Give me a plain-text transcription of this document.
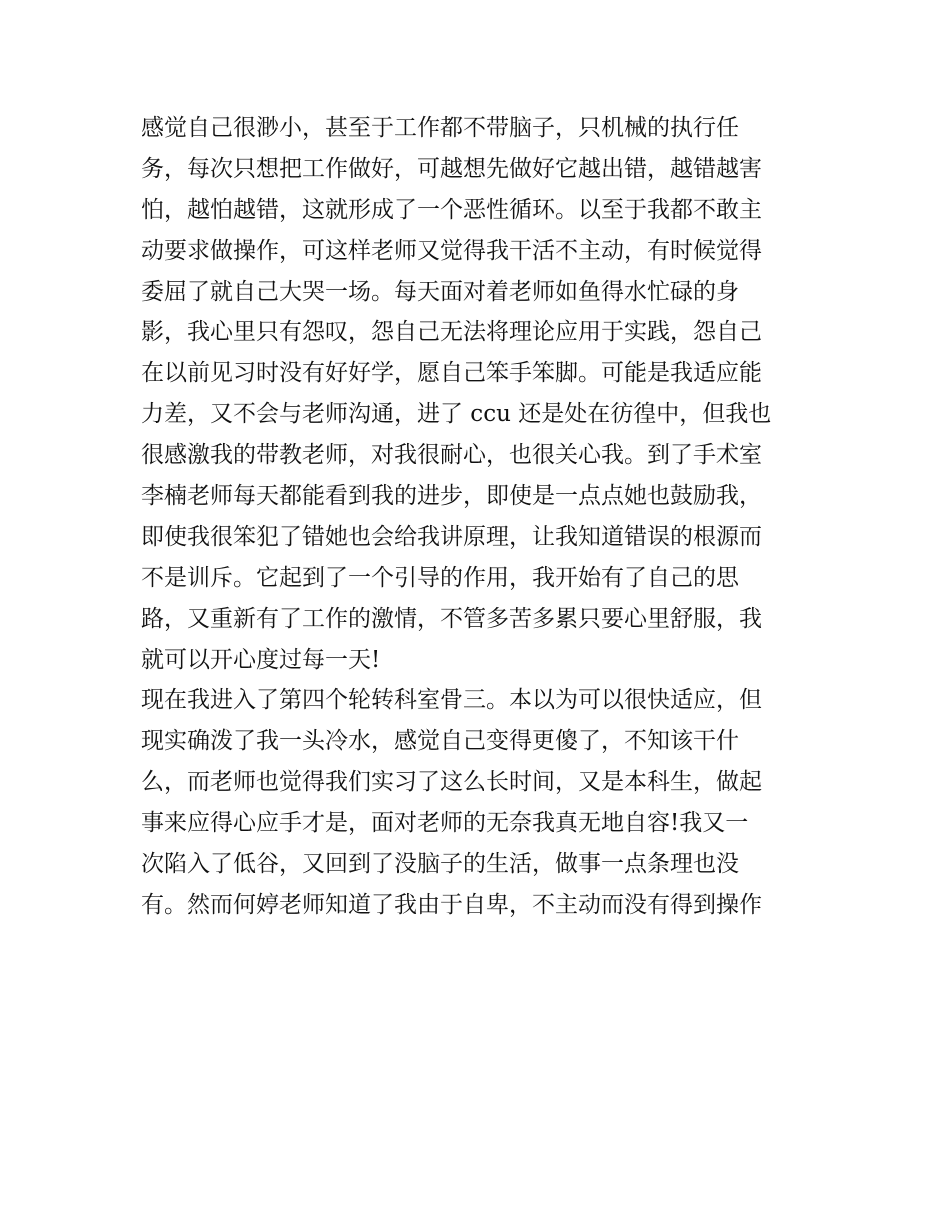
感觉自己很渺小，甚至于工作都不带脑子，只机械的执行任
务，每次只想把工作做好，可越想先做好它越出错，越错越害
怕，越怕越错，这就形成了一个恶性循环。以至于我都不敢主
动要求做操作，可这样老师又觉得我干活不主动，有时候觉得
委屈了就自己大哭一场。每天面对着老师如鱼得水忙碌的身
影，我心里只有怨叹，怨自己无法将理论应用于实践，怨自己
在以前见习时没有好好学，愿自己笨手笨脚。可能是我适应能
力差，又不会与老师沟通，进了 ccu 还是处在彷徨中，但我也
很感激我的带教老师，对我很耐心，也很关心我。到了手术室
李楠老师每天都能看到我的进步，即使是一点点她也鼓励我，
即使我很笨犯了错她也会给我讲原理，让我知道错误的根源而
不是训斥。它起到了一个引导的作用，我开始有了自己的思
路，又重新有了工作的激情，不管多苦多累只要心里舒服，我
就可以开心度过每一天!
现在我进入了第四个轮转科室骨三。本以为可以很快适应，但
现实确泼了我一头冷水，感觉自己变得更傻了，不知该干什
么，而老师也觉得我们实习了这么长时间，又是本科生，做起
事来应得心应手才是，面对老师的无奈我真无地自容!我又一
次陷入了低谷，又回到了没脑子的生活，做事一点条理也没
有。然而何婷老师知道了我由于自卑，不主动而没有得到操作
